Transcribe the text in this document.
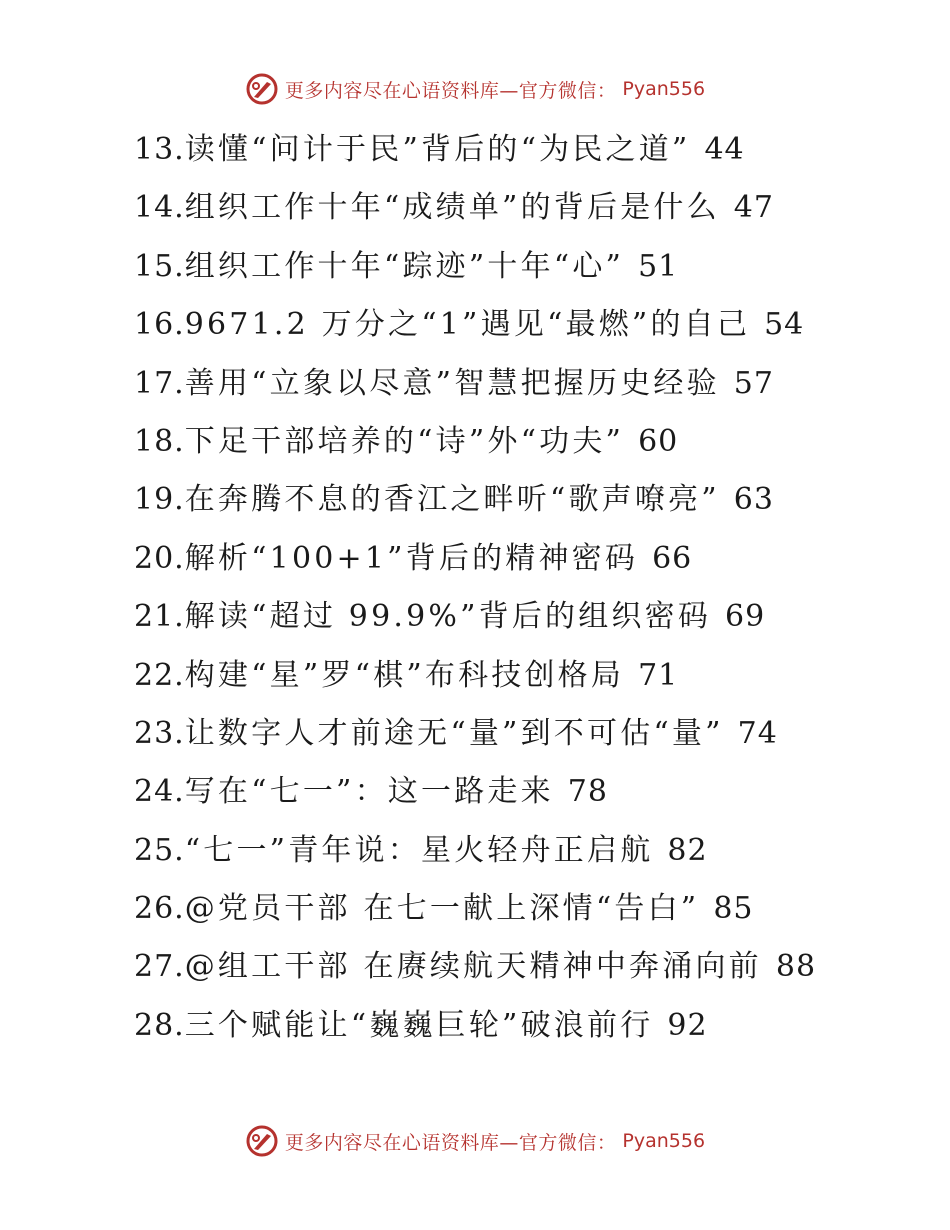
更多内容尽在心语资料库—官方微信： Pyan556
13.读懂“问计于民”背后的“为民之道” 44
14.组织工作十年“成绩单”的背后是什么 47
15.组织工作十年“踪迹”十年“心” 51
16.9671.2 万分之“1”遇见“最燃”的自己 54
17.善用“立象以尽意”智慧把握历史经验 57
18.下足干部培养的“诗”外“功夫” 60
19.在奔腾不息的香江之畔听“歌声嘹亮” 63
20.解析“100+1”背后的精神密码 66
21.解读“超过 99.9%”背后的组织密码 69
22.构建“星”罗“棋”布科技创格局 71
23.让数字人才前途无“量”到不可估“量” 74
24.写在“七一”：这一路走来 78
25.“七一”青年说：星火轻舟正启航 82
26.@党员干部 在七一献上深情“告白” 85
27.@组工干部 在赓续航天精神中奔涌向前 88
28.三个赋能让“巍巍巨轮”破浪前行 92
更多内容尽在心语资料库—官方微信： Pyan556
